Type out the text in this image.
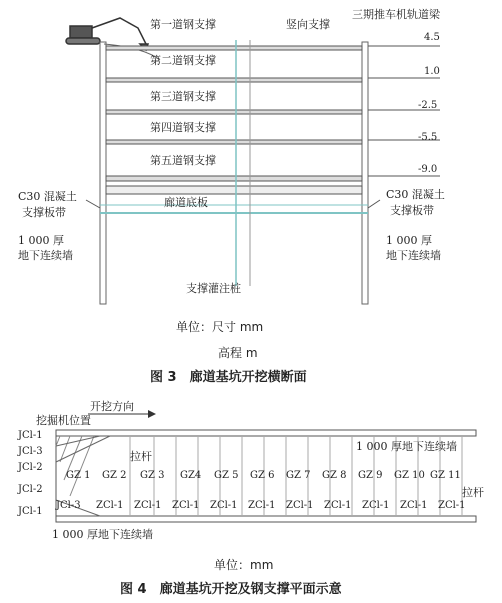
第一道钢支撑
第二道钢支撑
第三道钢支撑
第四道钢支撑
第五道钢支撑
竖向支撑
三期推车机轨道梁
4.5
1.0
-2.5
-5.5
-9.0
C30 混凝土
支撑板带
C30 混凝土
支撑板带
廊道底板
1 000 厚
地下连续墙
1 000 厚
地下连续墙
支撑灌注桩
单位：尺寸 mm
高程 m
图 3　廊道基坑开挖横断面
开挖方向
挖掘机位置
JCl-1
JCl-3
JCl-2
JCl-2
JCl-1
拉杆
拉杆
1 000 厚地下连续墙
1 000 厚地下连续墙
GZ 1 GZ 2 GZ 3 GZ4 GZ 5 GZ 6 GZ 7 GZ 8 GZ 9 GZ 10 GZ 11
JCl-3 ZCl-1 ZCl-1 ZCl-1 ZCl-1 ZCl-1 ZCl-1 ZCl-1 ZCl-1 ZCl-1 ZCl-1
单位：mm
图 4　廊道基坑开挖及钢支撑平面示意
